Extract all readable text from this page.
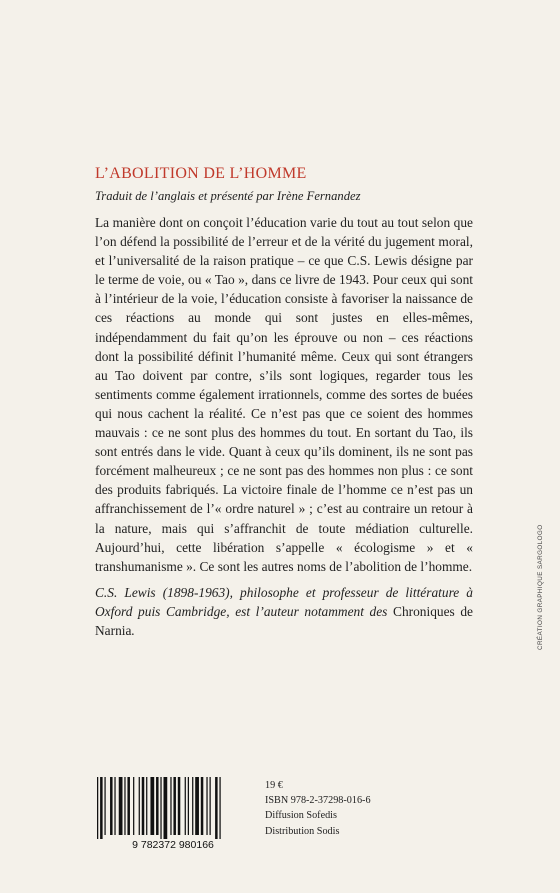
L’ABOLITION DE L’HOMME
Traduit de l’anglais et présenté par Irène Fernandez
La manière dont on conçoit l’éducation varie du tout au tout selon que l’on défend la possibilité de l’erreur et de la vérité du jugement moral, et l’universalité de la raison pratique – ce que C.S. Lewis désigne par le terme de voie, ou « Tao », dans ce livre de 1943. Pour ceux qui sont à l’intérieur de la voie, l’éducation consiste à favoriser la naissance de ces réactions au monde qui sont justes en elles-mêmes, indépendamment du fait qu’on les éprouve ou non – ces réactions dont la possibilité définit l’humanité même. Ceux qui sont étrangers au Tao doivent par contre, s’ils sont logiques, regarder tous les sentiments comme également irrationnels, comme des sortes de buées qui nous cachent la réalité. Ce n’est pas que ce soient des hommes mauvais : ce ne sont plus des hommes du tout. En sortant du Tao, ils sont entrés dans le vide. Quant à ceux qu’ils dominent, ils ne sont pas forcément malheureux ; ce ne sont pas des hommes non plus : ce sont des produits fabriqués. La victoire finale de l’homme ce n’est pas un affranchissement de l’« ordre naturel » ; c’est au contraire un retour à la nature, mais qui s’affranchit de toute médiation culturelle. Aujourd’hui, cette libération s’appelle « écologisme » et « transhumanisme ». Ce sont les autres noms de l’abolition de l’homme.
C.S. Lewis (1898-1963), philosophe et professeur de littérature à Oxford puis Cambridge, est l’auteur notamment des Chroniques de Narnia.
9 782372 980166
19 €
ISBN 978-2-37298-016-6
Diffusion Sofedis
Distribution Sodis
CRÉATION GRAPHIQUE SARGOLOGO
